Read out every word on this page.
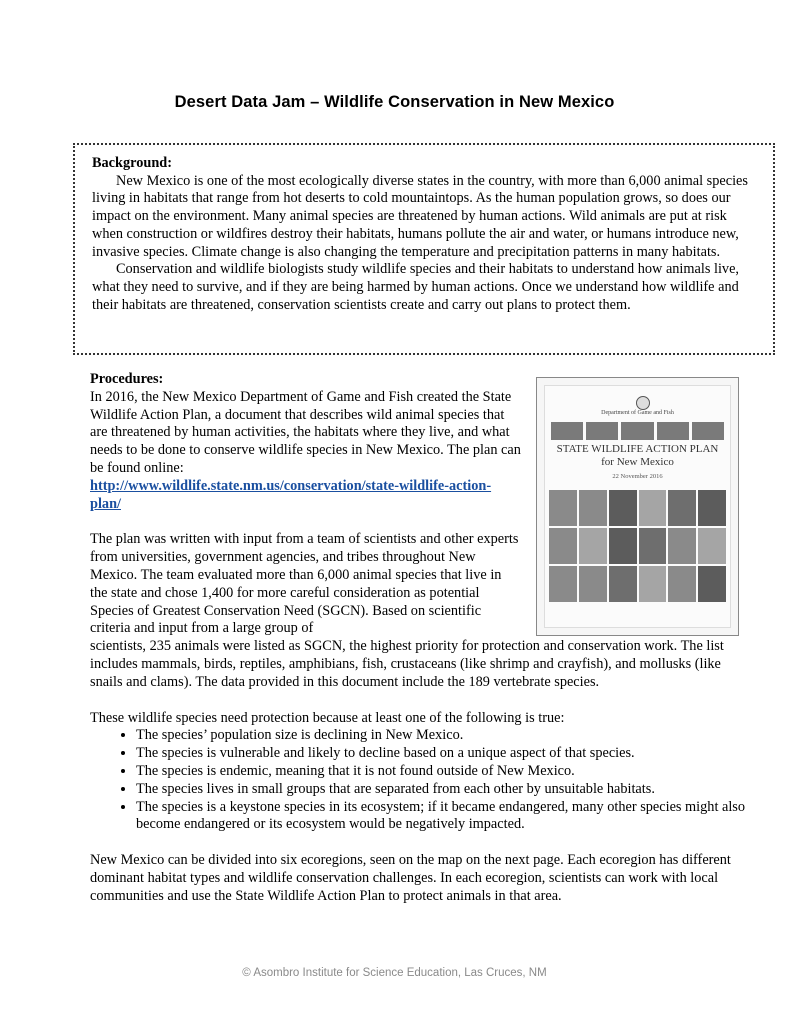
Desert Data Jam – Wildlife Conservation in New Mexico

Background:

New Mexico is one of the most ecologically diverse states in the country, with more than 6,000 animal species living in habitats that range from hot deserts to cold mountaintops. As the human population grows, so does our impact on the environment. Many animal species are threatened by human actions. Wild animals are put at risk when construction or wildfires destroy their habitats, humans pollute the air and water, or humans introduce new, invasive species. Climate change is also changing the temperature and precipitation patterns in many habitats.

Conservation and wildlife biologists study wildlife species and their habitats to understand how animals live, what they need to survive, and if they are being harmed by human actions. Once we understand how wildlife and their habitats are threatened, conservation scientists create and carry out plans to protect them.

Department of Game and Fish
STATE WILDLIFE ACTION PLAN
for New Mexico
22 November 2016

Procedures:

In 2016, the New Mexico Department of Game and Fish created the State Wildlife Action Plan, a document that describes wild animal species that are threatened by human activities, the habitats where they live, and what needs to be done to conserve wildlife species in New Mexico. The plan can be found online:

http://www.wildlife.state.nm.us/conservation/state-wildlife-action-plan/

The plan was written with input from a team of scientists and other experts from universities, government agencies, and tribes throughout New Mexico. The team evaluated more than 6,000 animal species that live in the state and chose 1,400 for more careful consideration as potential Species of Greatest Conservation Need (SGCN). Based on scientific criteria and input from a large group of

scientists, 235 animals were listed as SGCN, the highest priority for protection and conservation work. The list includes mammals, birds, reptiles, amphibians, fish, crustaceans (like shrimp and crayfish), and mollusks (like snails and clams). The data provided in this document include the 189 vertebrate species.

These wildlife species need protection because at least one of the following is true:

• The species’ population size is declining in New Mexico.
• The species is vulnerable and likely to decline based on a unique aspect of that species.
• The species is endemic, meaning that it is not found outside of New Mexico.
• The species lives in small groups that are separated from each other by unsuitable habitats.
• The species is a keystone species in its ecosystem; if it became endangered, many other species might also become endangered or its ecosystem would be negatively impacted.

New Mexico can be divided into six ecoregions, seen on the map on the next page. Each ecoregion has different dominant habitat types and wildlife conservation challenges. In each ecoregion, scientists can work with local communities and use the State Wildlife Action Plan to protect animals in that area.

© Asombro Institute for Science Education, Las Cruces, NM
